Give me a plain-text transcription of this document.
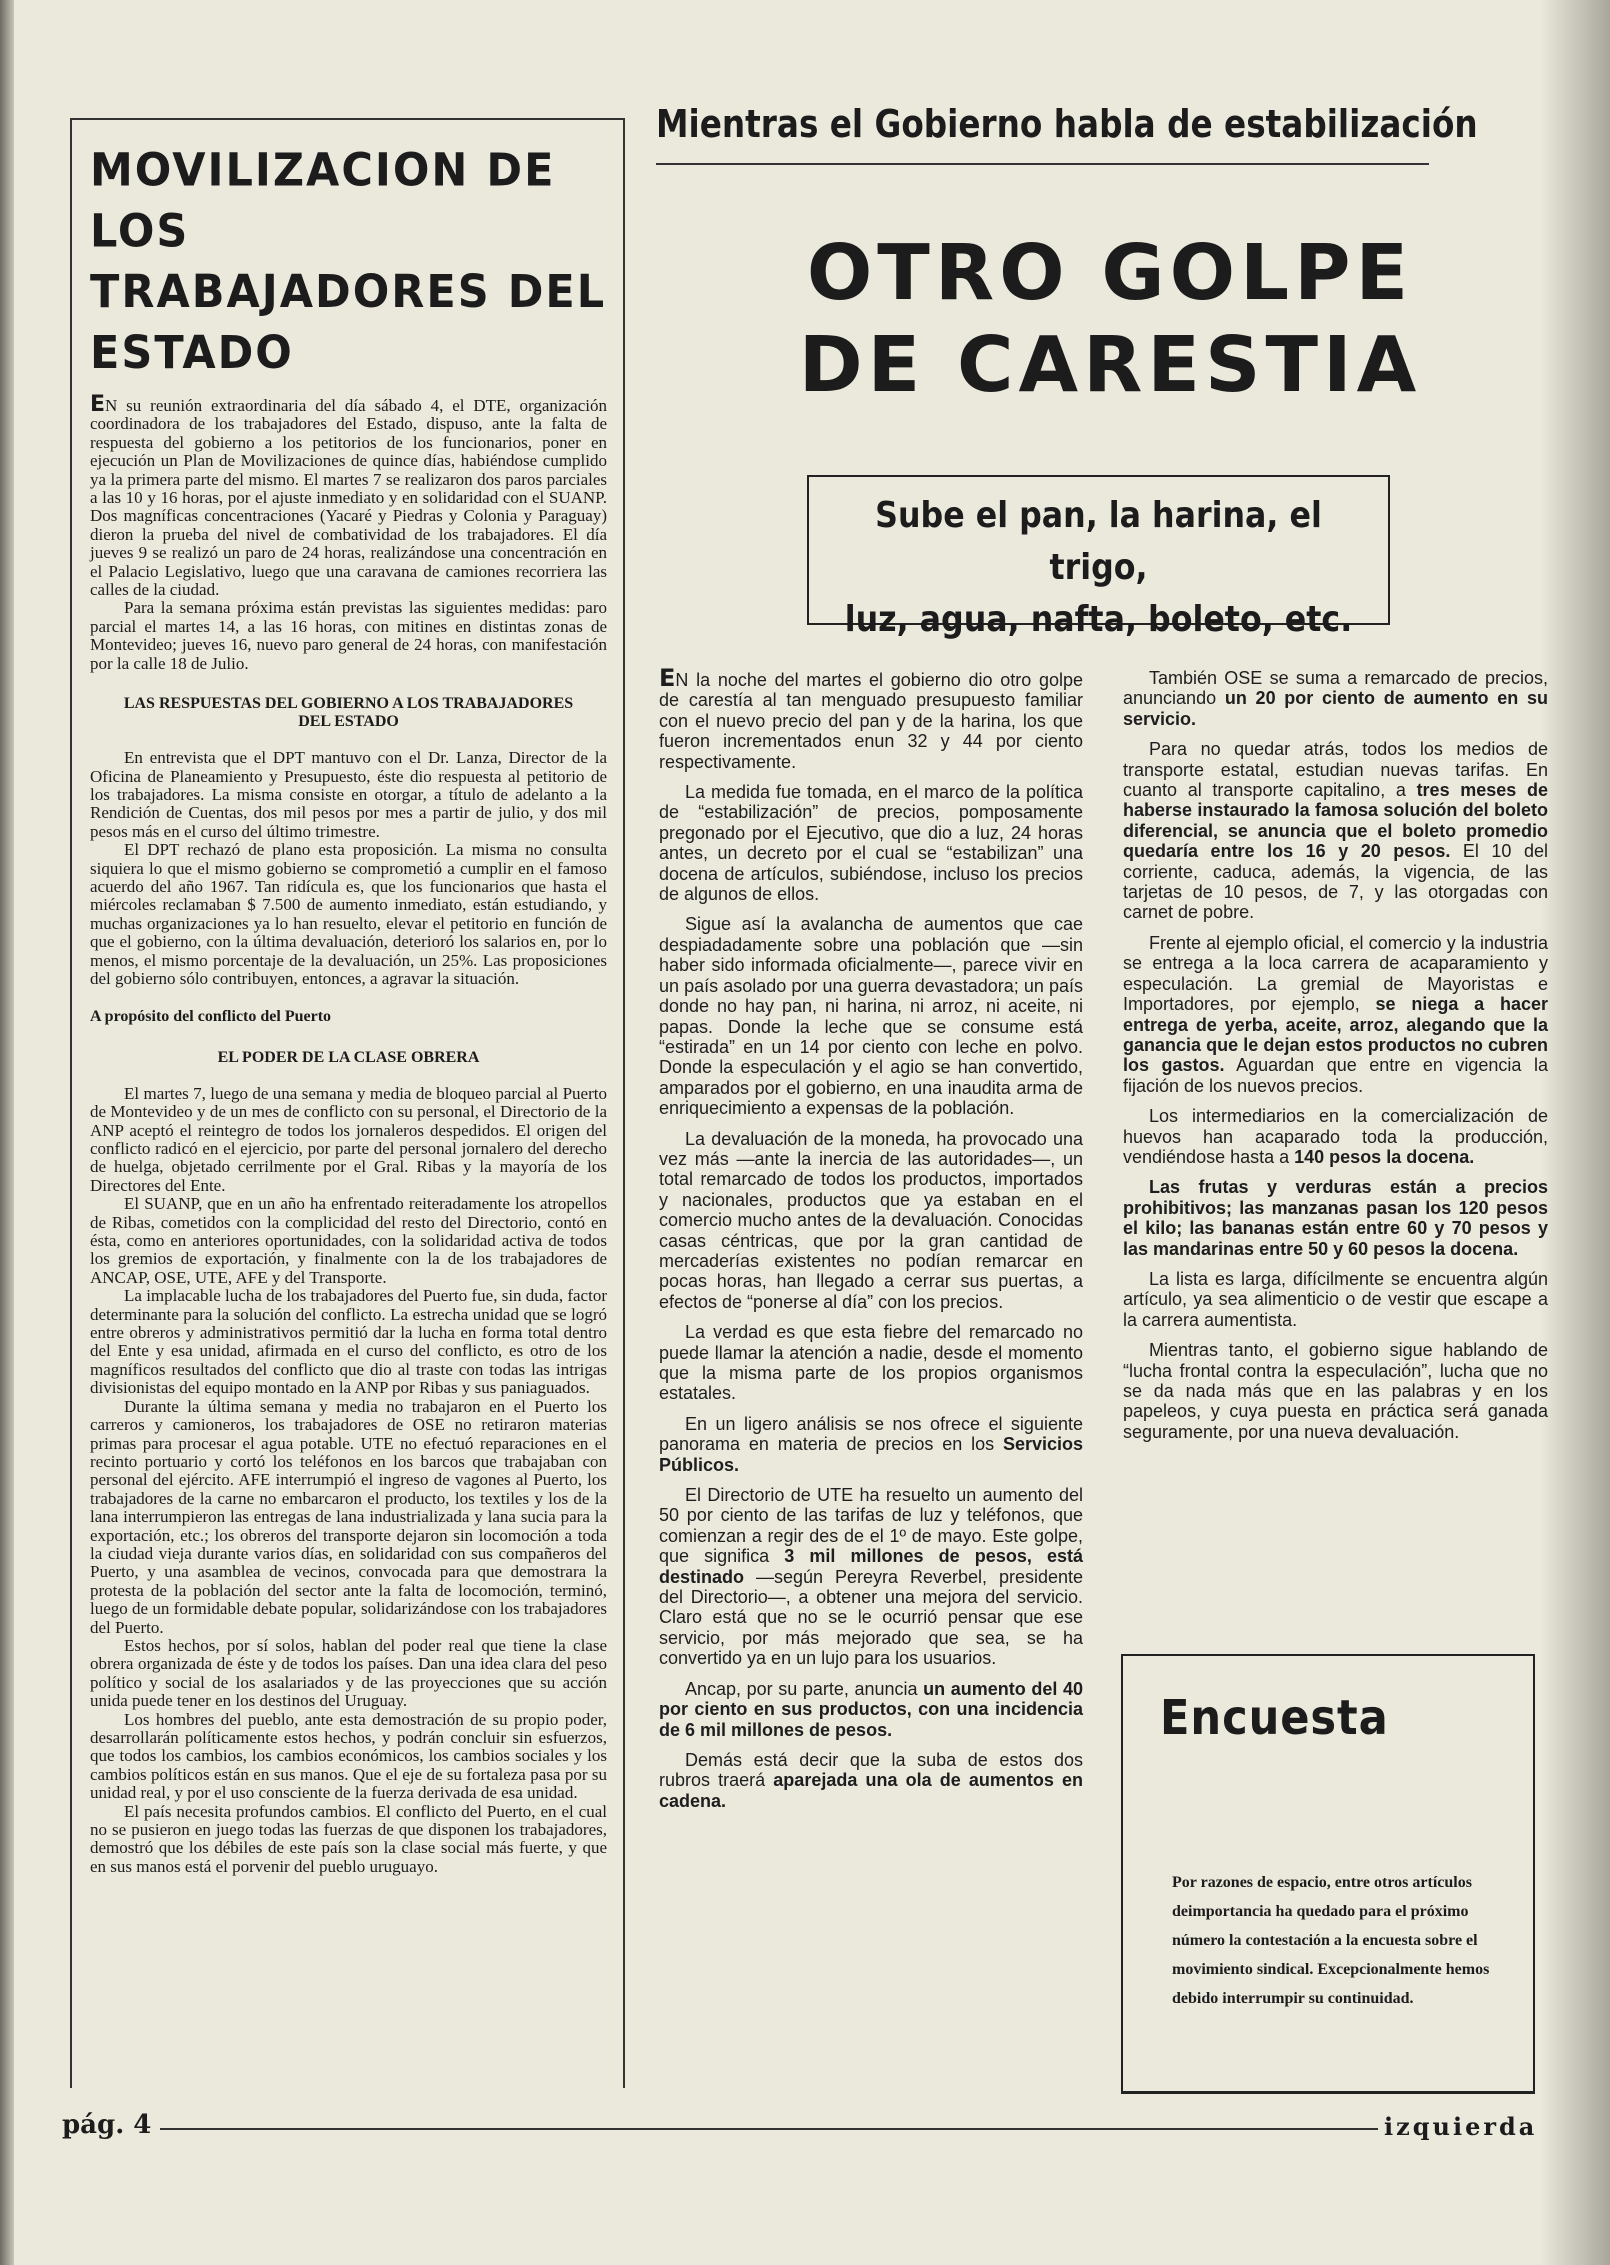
MOVILIZACION DE LOS TRABAJADORES DEL ESTADO

EN su reunión extraordinaria del día sábado 4, el DTE, organización coordinadora de los trabajadores del Estado, dispuso, ante la falta de respuesta del gobierno a los petitorios de los funcionarios, poner en ejecución un Plan de Movilizaciones de quince días, habiéndose cumplido ya la primera parte del mismo. El martes 7 se realizaron dos paros parciales a las 10 y 16 horas, por el ajuste inmediato y en solidaridad con el SUANP. Dos magníficas concentraciones (Yacaré y Piedras y Colonia y Paraguay) dieron la prueba del nivel de combatividad de los trabajadores. El día jueves 9 se realizó un paro de 24 horas, realizándose una concentración en el Palacio Legislativo, luego que una caravana de camiones recorriera las calles de la ciudad.

Para la semana próxima están previstas las siguientes medidas: paro parcial el martes 14, a las 16 horas, con mitines en distintas zonas de Montevideo; jueves 16, nuevo paro general de 24 horas, con manifestación por la calle 18 de Julio.

LAS RESPUESTAS DEL GOBIERNO A LOS TRABAJADORES DEL ESTADO

En entrevista que el DPT mantuvo con el Dr. Lanza, Director de la Oficina de Planeamiento y Presupuesto, éste dio respuesta al petitorio de los trabajadores. La misma consiste en otorgar, a título de adelanto a la Rendición de Cuentas, dos mil pesos por mes a partir de julio, y dos mil pesos más en el curso del último trimestre.

El DPT rechazó de plano esta proposición. La misma no consulta siquiera lo que el mismo gobierno se comprometió a cumplir en el famoso acuerdo del año 1967. Tan ridícula es, que los funcionarios que hasta el miércoles reclamaban $ 7.500 de aumento inmediato, están estudiando, y muchas organizaciones ya lo han resuelto, elevar el petitorio en función de que el gobierno, con la última devaluación, deterioró los salarios en, por lo menos, el mismo porcentaje de la devaluación, un 25%. Las proposiciones del gobierno sólo contribuyen, entonces, a agravar la situación.

A propósito del conflicto del Puerto
EL PODER DE LA CLASE OBRERA

El martes 7, luego de una semana y media de bloqueo parcial al Puerto de Montevideo y de un mes de conflicto con su personal, el Directorio de la ANP aceptó el reintegro de todos los jornaleros despedidos. El origen del conflicto radicó en el ejercicio, por parte del personal jornalero del derecho de huelga, objetado cerrilmente por el Gral. Ribas y la mayoría de los Directores del Ente.

El SUANP, que en un año ha enfrentado reiteradamente los atropellos de Ribas, cometidos con la complicidad del resto del Directorio, contó en ésta, como en anteriores oportunidades, con la solidaridad activa de todos los gremios de exportación, y finalmente con la de los trabajadores de ANCAP, OSE, UTE, AFE y del Transporte.

La implacable lucha de los trabajadores del Puerto fue, sin duda, factor determinante para la solución del conflicto. La estrecha unidad que se logró entre obreros y administrativos permitió dar la lucha en forma total dentro del Ente y esa unidad, afirmada en el curso del conflicto, es otro de los magníficos resultados del conflicto que dio al traste con todas las intrigas divisionistas del equipo montado en la ANP por Ribas y sus paniaguados.

Durante la última semana y media no trabajaron en el Puerto los carreros y camioneros, los trabajadores de OSE no retiraron materias primas para procesar el agua potable. UTE no efectuó reparaciones en el recinto portuario y cortó los teléfonos en los barcos que trabajaban con personal del ejército. AFE interrumpió el ingreso de vagones al Puerto, los trabajadores de la carne no embarcaron el producto, los textiles y los de la lana interrumpieron las entregas de lana industrializada y lana sucia para la exportación, etc.; los obreros del transporte dejaron sin locomoción a toda la ciudad vieja durante varios días, en solidaridad con sus compañeros del Puerto, y una asamblea de vecinos, convocada para que demostrara la protesta de la población del sector ante la falta de locomoción, terminó, luego de un formidable debate popular, solidarizándose con los trabajadores del Puerto.

Estos hechos, por sí solos, hablan del poder real que tiene la clase obrera organizada de éste y de todos los países. Dan una idea clara del peso político y social de los asalariados y de las proyecciones que su acción unida puede tener en los destinos del Uruguay.

Los hombres del pueblo, ante esta demostración de su propio poder, desarrollarán políticamente estos hechos, y podrán concluir sin esfuerzos, que todos los cambios, los cambios económicos, los cambios sociales y los cambios políticos están en sus manos. Que el eje de su fortaleza pasa por su unidad real, y por el uso consciente de la fuerza derivada de esa unidad.

El país necesita profundos cambios. El conflicto del Puerto, en el cual no se pusieron en juego todas las fuerzas de que disponen los trabajadores, demostró que los débiles de este país son la clase social más fuerte, y que en sus manos está el porvenir del pueblo uruguayo.

Mientras el Gobierno habla de estabilización
OTRO GOLPE
DE CARESTIA
Sube el pan, la harina, el trigo,
luz, agua, nafta, boleto, etc.

EN la noche del martes el gobierno dio otro golpe de carestía al tan menguado presupuesto familiar con el nuevo precio del pan y de la harina, los que fueron incrementados enun 32 y 44 por ciento respectivamente.

La medida fue tomada, en el marco de la política de “estabilización” de precios, pomposamente pregonado por el Ejecutivo, que dio a luz, 24 horas antes, un decreto por el cual se “estabilizan” una docena de artículos, subiéndose, incluso los precios de algunos de ellos.

Sigue así la avalancha de aumentos que cae despiadadamente sobre una población que —sin haber sido informada oficialmente—, parece vivir en un país asolado por una guerra devastadora; un país donde no hay pan, ni harina, ni arroz, ni aceite, ni papas. Donde la leche que se consume está “estirada” en un 14 por ciento con leche en polvo. Donde la especulación y el agio se han convertido, amparados por el gobierno, en una inaudita arma de enriquecimiento a expensas de la población.

La devaluación de la moneda, ha provocado una vez más —ante la inercia de las autoridades—, un total remarcado de todos los productos, importados y nacionales, productos que ya estaban en el comercio mucho antes de la devaluación. Conocidas casas céntricas, que por la gran cantidad de mercaderías existentes no podían remarcar en pocas horas, han llegado a cerrar sus puertas, a efectos de “ponerse al día” con los precios.

La verdad es que esta fiebre del remarcado no puede llamar la atención a nadie, desde el momento que la misma parte de los propios organismos estatales.

En un ligero análisis se nos ofrece el siguiente panorama en materia de precios en los Servicios Públicos.

El Directorio de UTE ha resuelto un aumento del 50 por ciento de las tarifas de luz y teléfonos, que comienzan a regir des de el 1º de mayo. Este golpe, que significa 3 mil millones de pesos, está destinado —según Pereyra Reverbel, presidente del Directorio—, a obtener una mejora del servicio. Claro está que no se le ocurrió pensar que ese servicio, por más mejorado que sea, se ha convertido ya en un lujo para los usuarios.

Ancap, por su parte, anuncia un aumento del 40 por ciento en sus productos, con una incidencia de 6 mil millones de pesos.

Demás está decir que la suba de estos dos rubros traerá aparejada una ola de aumentos en cadena.

También OSE se suma a remarcado de precios, anunciando un 20 por ciento de aumento en su servicio.

Para no quedar atrás, todos los medios de transporte estatal, estudian nuevas tarifas. En cuanto al transporte capitalino, a tres meses de haberse instaurado la famosa solución del boleto diferencial, se anuncia que el boleto promedio quedaría entre los 16 y 20 pesos. El 10 del corriente, caduca, además, la vigencia, de las tarjetas de 10 pesos, de 7, y las otorgadas con carnet de pobre.

Frente al ejemplo oficial, el comercio y la industria se entrega a la loca carrera de acaparamiento y especulación. La gremial de Mayoristas e Importadores, por ejemplo, se niega a hacer entrega de yerba, aceite, arroz, alegando que la ganancia que le dejan estos productos no cubren los gastos. Aguardan que entre en vigencia la fijación de los nuevos precios.

Los intermediarios en la comercialización de huevos han acaparado toda la producción, vendiéndose hasta a 140 pesos la docena.

Las frutas y verduras están a precios prohibitivos; las manzanas pasan los 120 pesos el kilo; las bananas están entre 60 y 70 pesos y las mandarinas entre 50 y 60 pesos la docena.

La lista es larga, difícilmente se encuentra algún artículo, ya sea alimenticio o de vestir que escape a la carrera aumentista.

Mientras tanto, el gobierno sigue hablando de “lucha frontal contra la especulación”, lucha que no se da nada más que en las palabras y en los papeleos, y cuya puesta en práctica será ganada seguramente, por una nueva devaluación.

Encuesta
Por razones de espacio, entre otros artículos deimportancia ha quedado para el próximo número la contestación a la encuesta sobre el movimiento sindical. Excepcionalmente hemos debido interrumpir su continuidad.
pág. 4	izquierda
